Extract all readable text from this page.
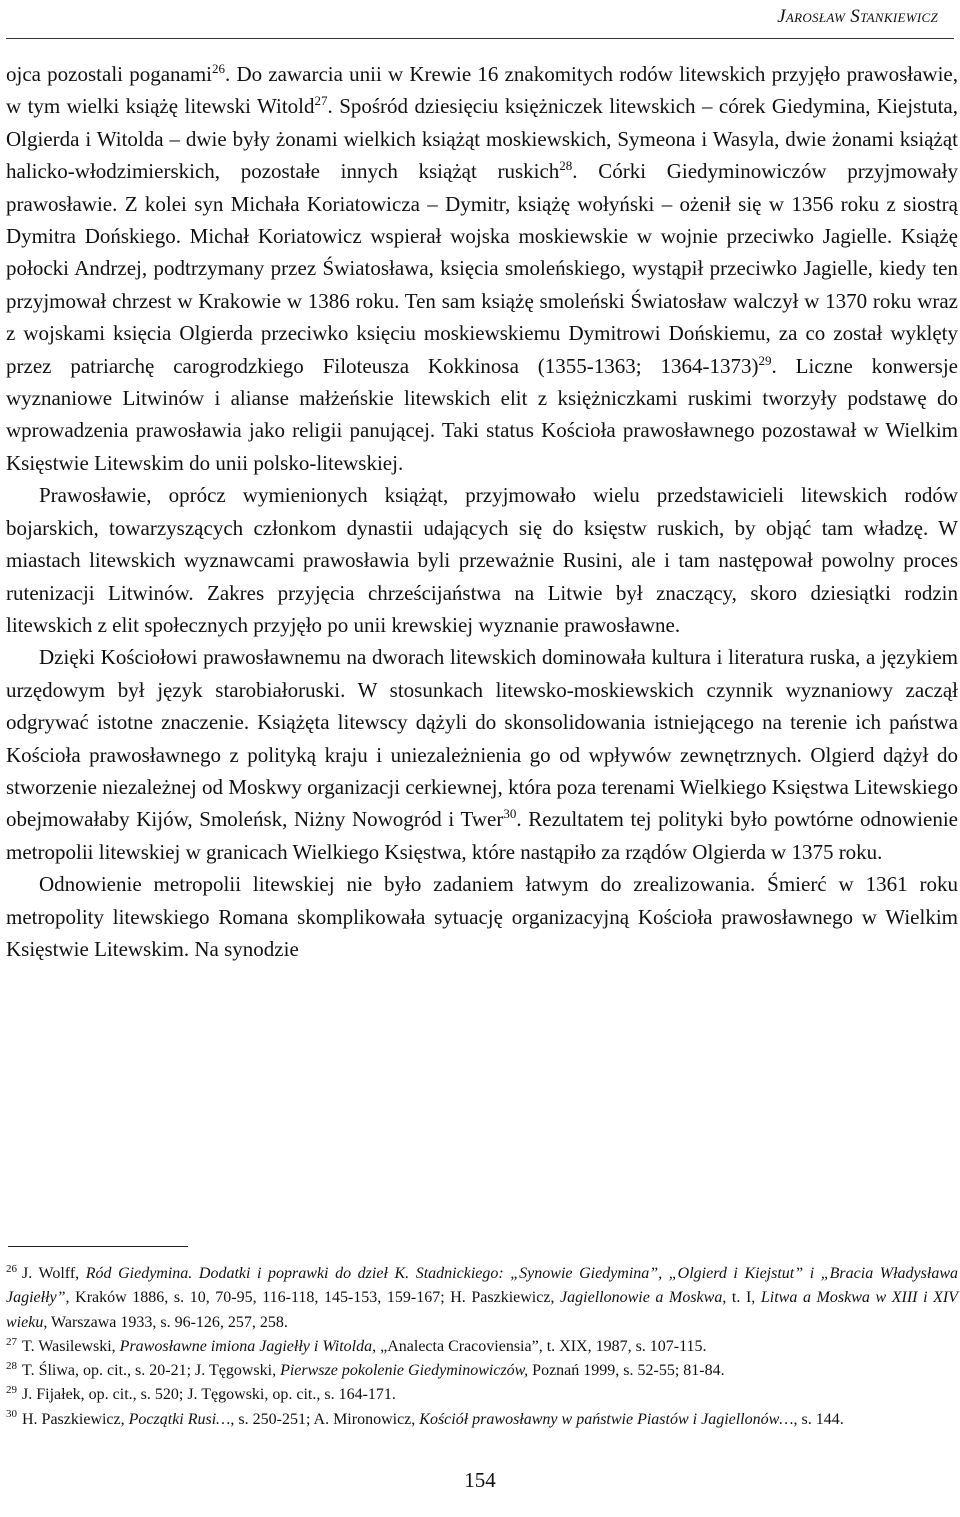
Jarosław Stankiewicz

ojca pozostali poganami$^{26}$. Do zawarcia unii w Krewie 16 znakomitych rodów litewskich przyjęło prawosławie, w tym wielki książę litewski Witold$^{27}$. Spośród dziesięciu księżniczek litewskich – córek Giedymina, Kiejstuta, Olgierda i Witolda – dwie były żonami wielkich książąt moskiewskich, Symeona i Wasyla, dwie żonami książąt halicko-włodzimierskich, pozostałe innych książąt ruskich$^{28}$. Córki Giedyminowiczów przyjmowały prawosławie. Z kolei syn Michała Koriatowicza – Dymitr, książę wołyński – ożenił się w 1356 roku z siostrą Dymitra Dońskiego. Michał Koriatowicz wspierał wojska moskiewskie w wojnie przeciwko Jagielle. Książę połocki Andrzej, podtrzymany przez Światosława, księcia smoleńskiego, wystąpił przeciwko Jagielle, kiedy ten przyjmował chrzest w Krakowie w 1386 roku. Ten sam książę smoleński Światosław walczył w 1370 roku wraz z wojskami księcia Olgierda przeciwko księciu moskiewskiemu Dymitrowi Dońskiemu, za co został wyklęty przez patriarchę carogrodzkiego Filoteusza Kokkinosa (1355-1363; 1364-1373)$^{29}$. Liczne konwersje wyznaniowe Litwinów i alianse małżeńskie litewskich elit z księżniczkami ruskimi tworzyły podstawę do wprowadzenia prawosławia jako religii panującej. Taki status Kościoła prawosławnego pozostawał w Wielkim Księstwie Litewskim do unii polsko-litewskiej.

Prawosławie, oprócz wymienionych książąt, przyjmowało wielu przedstawicieli litewskich rodów bojarskich, towarzyszących członkom dynastii udających się do księstw ruskich, by objąć tam władzę. W miastach litewskich wyznawcami prawosławia byli przeważnie Rusini, ale i tam następował powolny proces rutenizacji Litwinów. Zakres przyjęcia chrześcijaństwa na Litwie był znaczący, skoro dziesiątki rodzin litewskich z elit społecznych przyjęło po unii krewskiej wyznanie prawosławne.

Dzięki Kościołowi prawosławnemu na dworach litewskich dominowała kultura i literatura ruska, a językiem urzędowym był język starobiałoruski. W stosunkach litewsko-moskiewskich czynnik wyznaniowy zaczął odgrywać istotne znaczenie. Książęta litewscy dążyli do skonsolidowania istniejącego na terenie ich państwa Kościoła prawosławnego z polityką kraju i uniezależnienia go od wpływów zewnętrznych. Olgierd dążył do stworzenie niezależnej od Moskwy organizacji cerkiewnej, która poza terenami Wielkiego Księstwa Litewskiego obejmowałaby Kijów, Smoleńsk, Niżny Nowogród i Twer$^{30}$. Rezultatem tej polityki było powtórne odnowienie metropolii litewskiej w granicach Wielkiego Księstwa, które nastąpiło za rządów Olgierda w 1375 roku.

Odnowienie metropolii litewskiej nie było zadaniem łatwym do zrealizowania. Śmierć w 1361 roku metropolity litewskiego Romana skomplikowała sytuację organizacyjną Kościoła prawosławnego w Wielkim Księstwie Litewskim. Na synodzie

$^{26}$ J. Wolff, Ród Giedymina. Dodatki i poprawki do dzieł K. Stadnickiego: „Synowie Giedymina”, „Olgierd i Kiejstut” i „Bracia Władysława Jagiełły”, Kraków 1886, s. 10, 70-95, 116-118, 145-153, 159-167; H. Paszkiewicz, Jagiellonowie a Moskwa, t. I, Litwa a Moskwa w XIII i XIV wieku, Warszawa 1933, s. 96-126, 257, 258.

$^{27}$ T. Wasilewski, Prawosławne imiona Jagiełły i Witolda, „Analecta Cracoviensia”, t. XIX, 1987, s. 107-115.

$^{28}$ T. Śliwa, op. cit., s. 20-21; J. Tęgowski, Pierwsze pokolenie Giedyminowiczów, Poznań 1999, s. 52-55; 81-84.

$^{29}$ J. Fijałek, op. cit., s. 520; J. Tęgowski, op. cit., s. 164-171.

$^{30}$ H. Paszkiewicz, Początki Rusi…, s. 250-251; A. Mironowicz, Kościół prawosławny w państwie Piastów i Jagiellonów…, s. 144.

154
